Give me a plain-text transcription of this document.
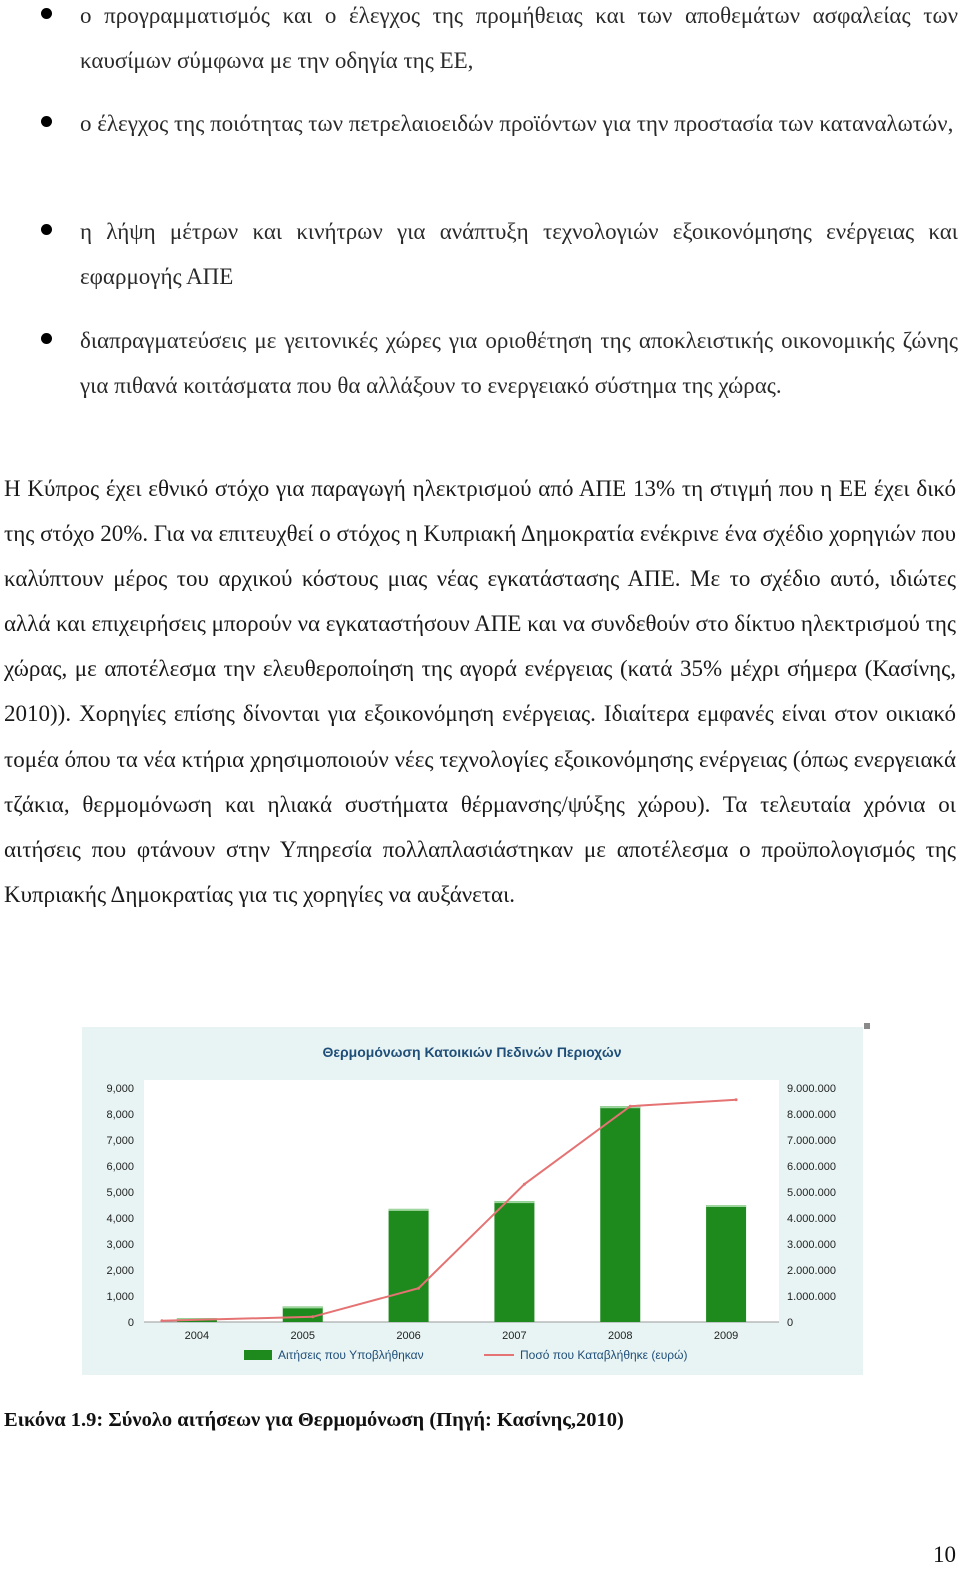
ο προγραμματισμός και ο έλεγχος της προμήθειας και των αποθεμάτων ασφαλείας των καυσίμων σύμφωνα με την οδηγία της ΕΕ,
ο έλεγχος της ποιότητας των πετρελαιοειδών προϊόντων για την προστασία των καταναλωτών,
η λήψη μέτρων και κινήτρων για ανάπτυξη τεχνολογιών εξοικονόμησης ενέργειας και εφαρμογής ΑΠΕ
διαπραγματεύσεις με γειτονικές χώρες για οριοθέτηση της αποκλειστικής οικονομικής ζώνης για πιθανά κοιτάσματα που θα αλλάξουν το ενεργειακό σύστημα της χώρας.

Η Κύπρος έχει εθνικό στόχο για παραγωγή ηλεκτρισμού από ΑΠΕ 13% τη στιγμή που η ΕΕ έχει δικό της στόχο 20%. Για να επιτευχθεί ο στόχος η Κυπριακή Δημοκρατία ενέκρινε ένα σχέδιο χορηγιών που καλύπτουν μέρος του αρχικού κόστους μιας νέας εγκατάστασης ΑΠΕ. Με το σχέδιο αυτό, ιδιώτες αλλά και επιχειρήσεις μπορούν να εγκαταστήσουν ΑΠΕ και να συνδεθούν στο δίκτυο ηλεκτρισμού της χώρας, με αποτέλεσμα την ελευθεροποίηση της αγορά ενέργειας (κατά 35% μέχρι σήμερα (Κασίνης, 2010)). Χορηγίες επίσης δίνονται για εξοικονόμηση ενέργειας. Ιδιαίτερα εμφανές είναι στον οικιακό τομέα όπου τα νέα κτήρια χρησιμοποιούν νέες τεχνολογίες εξοικονόμησης ενέργειας (όπως ενεργειακά τζάκια, θερμομόνωση και ηλιακά συστήματα θέρμανσης/ψύξης χώρου). Τα τελευταία χρόνια οι αιτήσεις που φτάνουν στην Υπηρεσία πολλαπλασιάστηκαν με αποτέλεσμα ο προϋπολογισμός της Κυπριακής Δημοκρατίας για τις χορηγίες να αυξάνεται.

Θερμομόνωση Κατοικιών Πεδινών Περιοχών
0
1,000
2,000
3,000
4,000
5,000
6,000
7,000
8,000
9,000
0
1.000.000
2.000.000
3.000.000
4.000.000
5.000.000
6.000.000
7.000.000
8.000.000
9.000.000
2004	2005	2006	2007	2008	2009
Αιτήσεις που Υποβλήθηκαν	Ποσό που Καταβλήθηκε (ευρώ)

Εικόνα 1.9: Σύνολο αιτήσεων για Θερμομόνωση (Πηγή: Κασίνης,2010)

10
